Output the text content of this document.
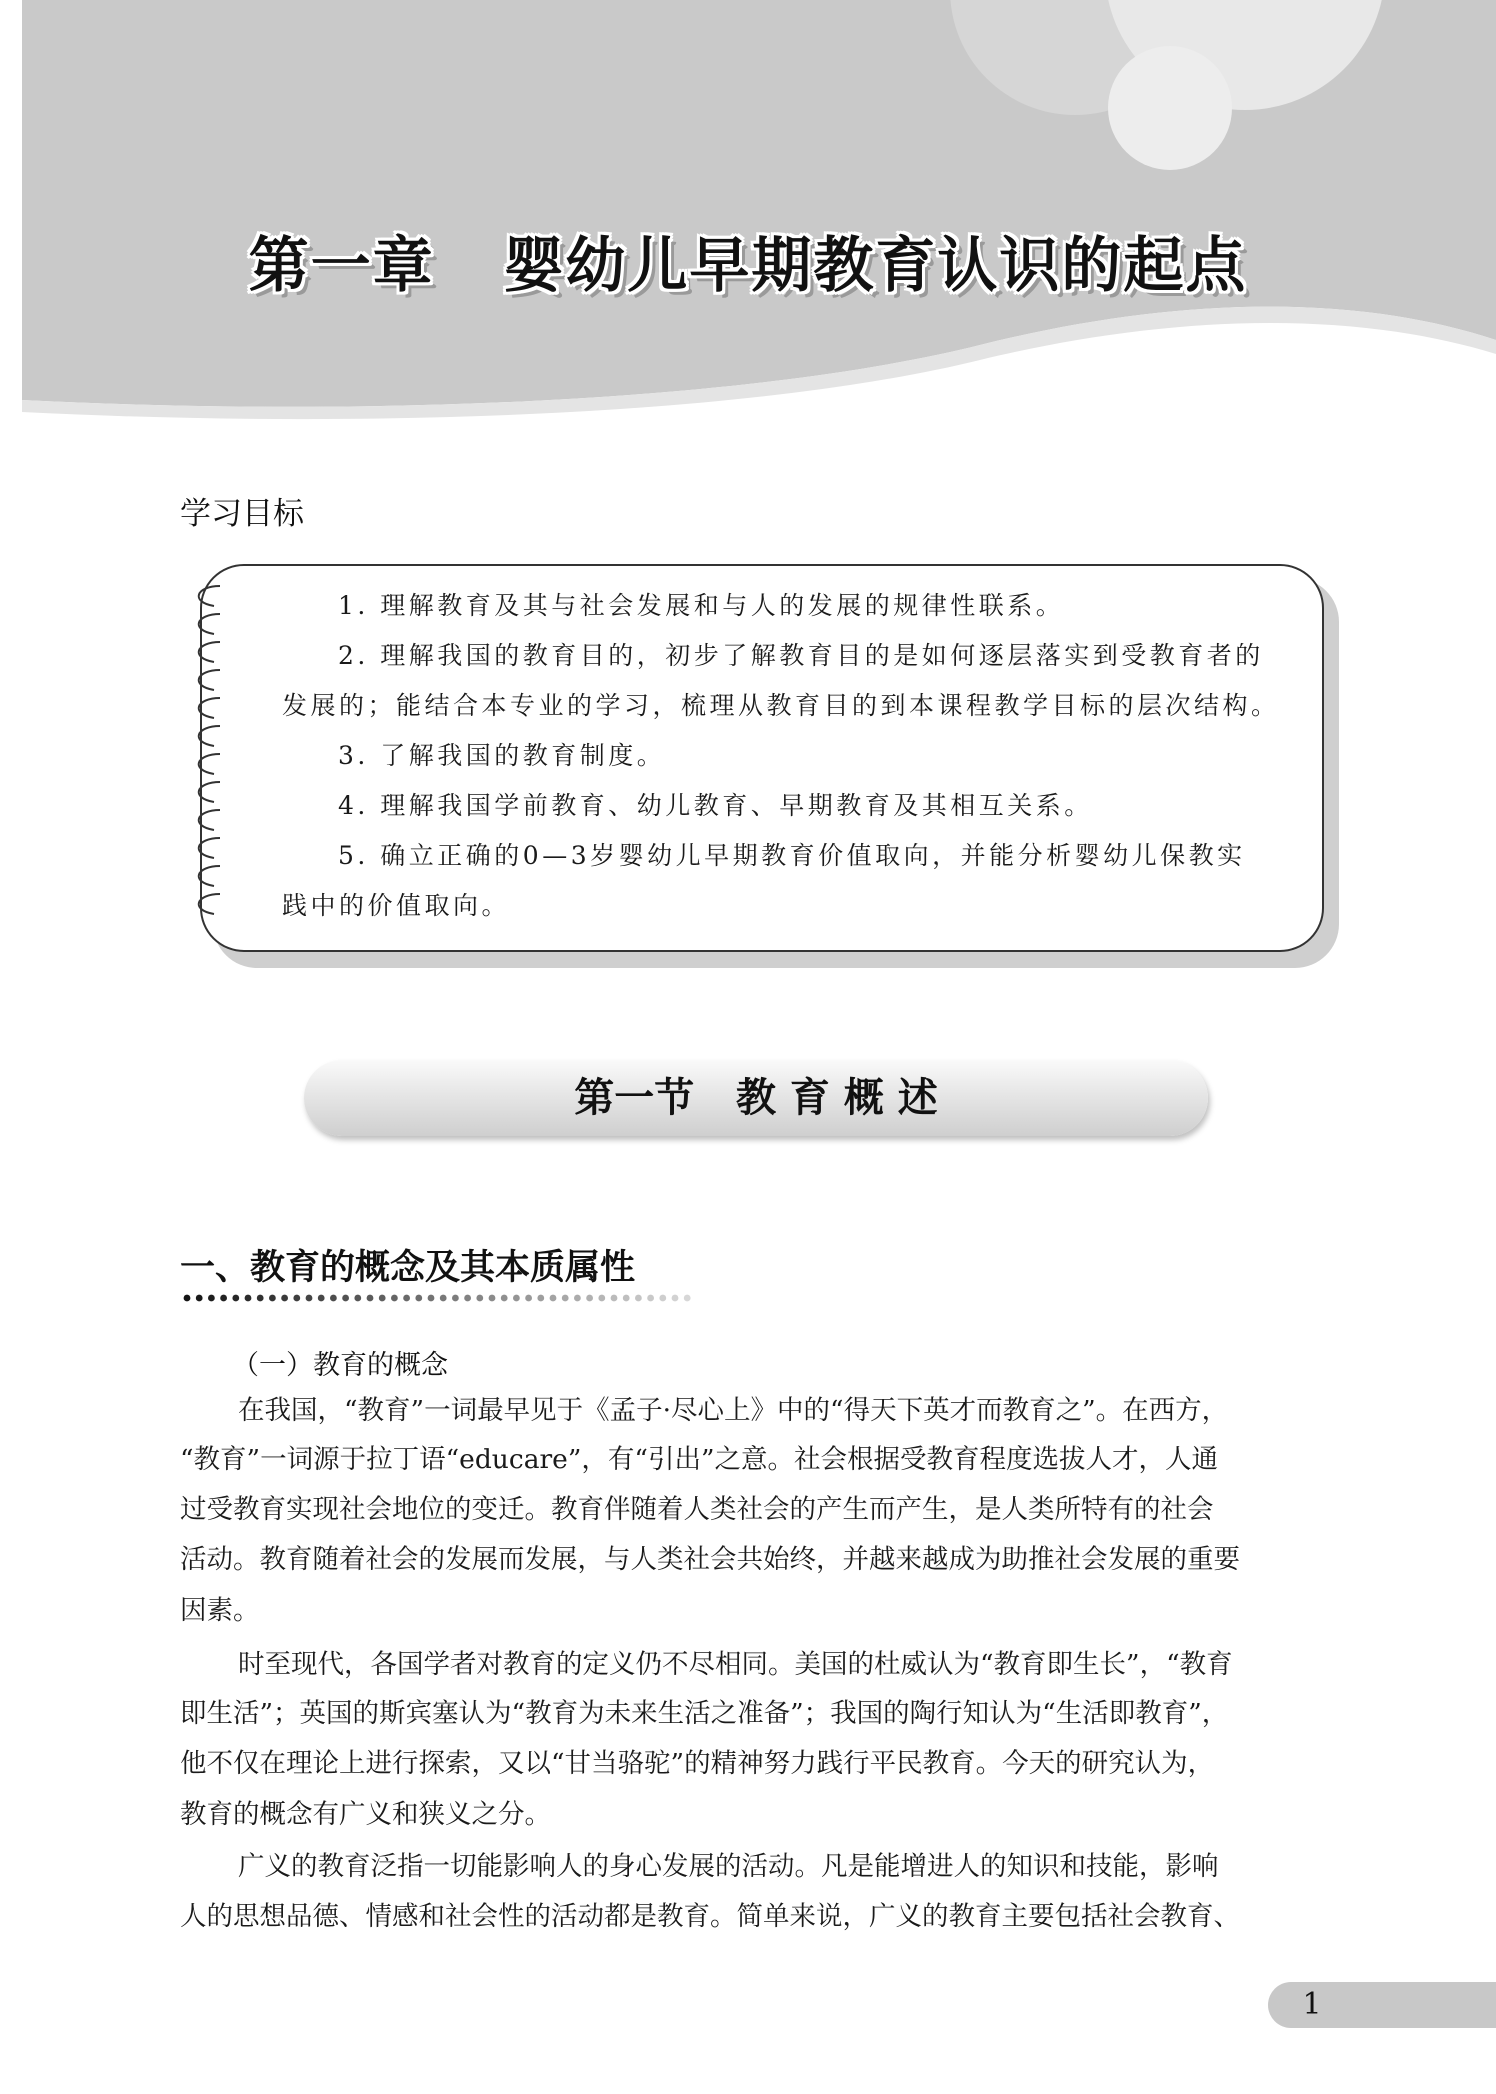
第一章   婴幼儿早期教育认识的起点
学习目标
1. 理解教育及其与社会发展和与人的发展的规律性联系。
2. 理解我国的教育目的，初步了解教育目的是如何逐层落实到受教育者的
发展的；能结合本专业的学习，梳理从教育目的到本课程教学目标的层次结构。
3. 了解我国的教育制度。
4. 理解我国学前教育、幼儿教育、早期教育及其相互关系。
5. 确立正确的0—3岁婴幼儿早期教育价值取向，并能分析婴幼儿保教实
践中的价值取向。
第一节   教 育 概 述
一、教育的概念及其本质属性
（一）教育的概念
在我国，“教育”一词最早见于《孟子·尽心上》中的“得天下英才而教育之”。在西方，
“教育”一词源于拉丁语“educare”，有“引出”之意。社会根据受教育程度选拔人才，人通
过受教育实现社会地位的变迁。教育伴随着人类社会的产生而产生，是人类所特有的社会
活动。教育随着社会的发展而发展，与人类社会共始终，并越来越成为助推社会发展的重要
因素。
时至现代，各国学者对教育的定义仍不尽相同。美国的杜威认为“教育即生长”，“教育
即生活”；英国的斯宾塞认为“教育为未来生活之准备”；我国的陶行知认为“生活即教育”，
他不仅在理论上进行探索，又以“甘当骆驼”的精神努力践行平民教育。今天的研究认为，
教育的概念有广义和狭义之分。
广义的教育泛指一切能影响人的身心发展的活动。凡是能增进人的知识和技能，影响
人的思想品德、情感和社会性的活动都是教育。简单来说，广义的教育主要包括社会教育、
1
